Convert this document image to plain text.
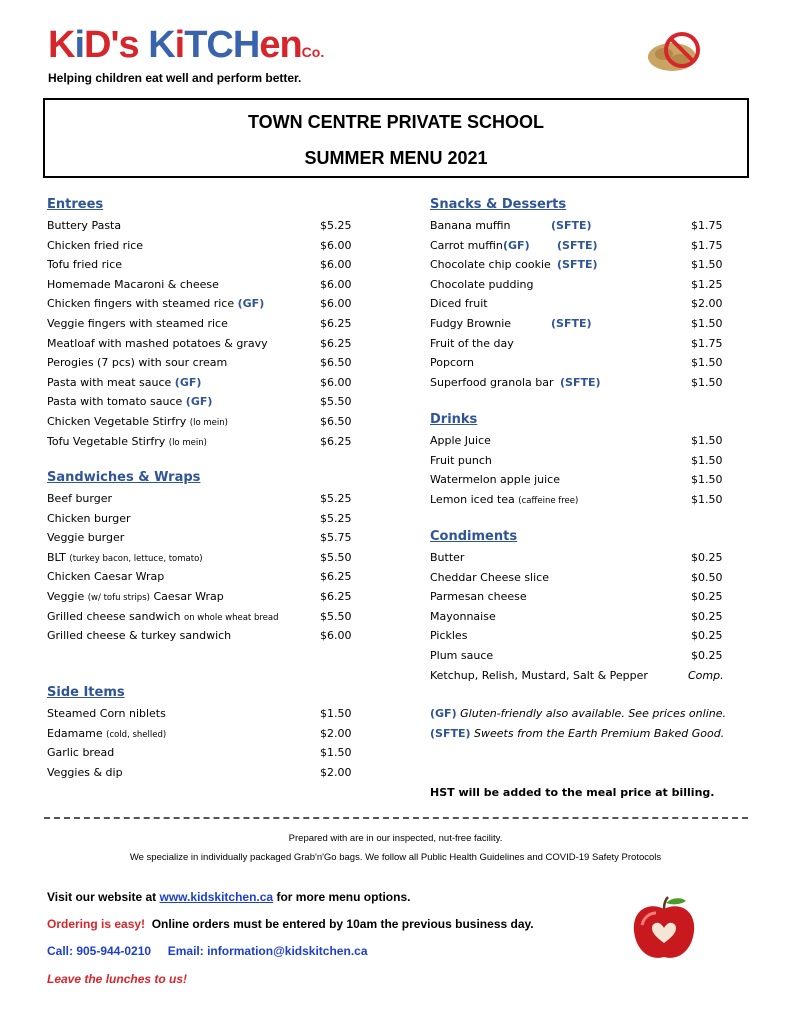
KiD's KiTCHenCo.
Helping children eat well and perform better.
TOWN CENTRE PRIVATE SCHOOL
SUMMER MENU 2021
Entrees
Buttery Pasta	$5.25
Chicken fried rice	$6.00
Tofu fried rice	$6.00
Homemade Macaroni & cheese	$6.00
Chicken fingers with steamed rice (GF)	$6.00
Veggie fingers with steamed rice	$6.25
Meatloaf with mashed potatoes & gravy	$6.25
Perogies (7 pcs) with sour cream	$6.50
Pasta with meat sauce (GF)	$6.00
Pasta with tomato sauce (GF)	$5.50
Chicken Vegetable Stirfry (lo mein)	$6.50
Tofu Vegetable Stirfry (lo mein)	$6.25
Sandwiches & Wraps
Beef burger	$5.25
Chicken burger	$5.25
Veggie burger	$5.75
BLT (turkey bacon, lettuce, tomato)	$5.50
Chicken Caesar Wrap	$6.25
Veggie (w/ tofu strips) Caesar Wrap	$6.25
Grilled cheese sandwich on whole wheat bread	$5.50
Grilled cheese & turkey sandwich	$6.00
Side Items
Steamed Corn niblets	$1.50
Edamame (cold, shelled)	$2.00
Garlic bread	$1.50
Veggies & dip	$2.00
Snacks & Desserts
Banana muffin	(SFTE)	$1.75
Carrot muffin (GF) (SFTE)	$1.75
Chocolate chip cookie (SFTE)	$1.50
Chocolate pudding	$1.25
Diced fruit	$2.00
Fudgy Brownie	(SFTE)	$1.50
Fruit of the day	$1.75
Popcorn	$1.50
Superfood granola bar (SFTE)	$1.50
Drinks
Apple Juice	$1.50
Fruit punch	$1.50
Watermelon apple juice	$1.50
Lemon iced tea (caffeine free)	$1.50
Condiments
Butter	$0.25
Cheddar Cheese slice	$0.50
Parmesan cheese	$0.25
Mayonnaise	$0.25
Pickles	$0.25
Plum sauce	$0.25
Ketchup, Relish, Mustard, Salt & Pepper	Comp.
(GF) Gluten-friendly also available. See prices online.
(SFTE) Sweets from the Earth Premium Baked Good.
HST will be added to the meal price at billing.
Prepared with are in our inspected, nut-free facility.
We specialize in individually packaged Grab'n'Go bags. We follow all Public Health Guidelines and COVID-19 Safety Protocols
Visit our website at www.kidskitchen.ca for more menu options.
Ordering is easy! Online orders must be entered by 10am the previous business day.
Call: 905-944-0210 Email: information@kidskitchen.ca
Leave the lunches to us!
